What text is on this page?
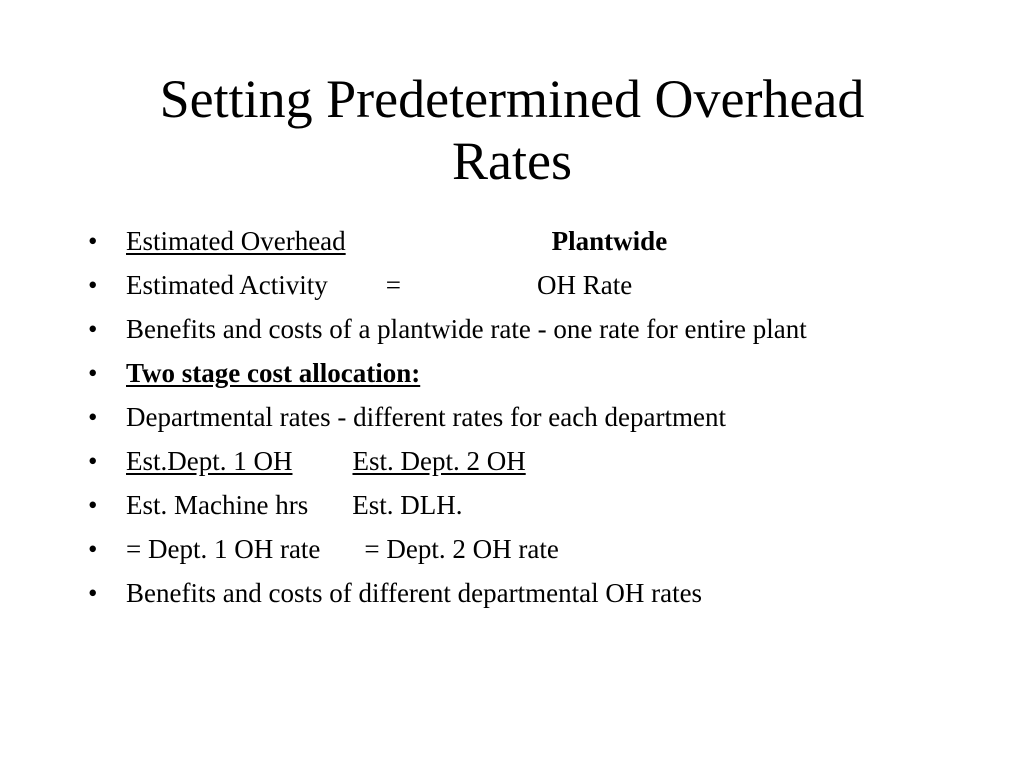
Setting Predetermined Overhead
Rates
•	Estimated Overhead	Plantwide
•	Estimated Activity =	OH Rate
•	Benefits and costs of a plantwide rate - one rate for entire plant
•	Two stage cost allocation:
•	Departmental rates - different rates for each department
•	Est.Dept. 1 OH Est. Dept. 2 OH
•	Est. Machine hrs Est. DLH.
•	= Dept. 1 OH rate = Dept. 2 OH rate
•	Benefits and costs of different departmental OH rates
